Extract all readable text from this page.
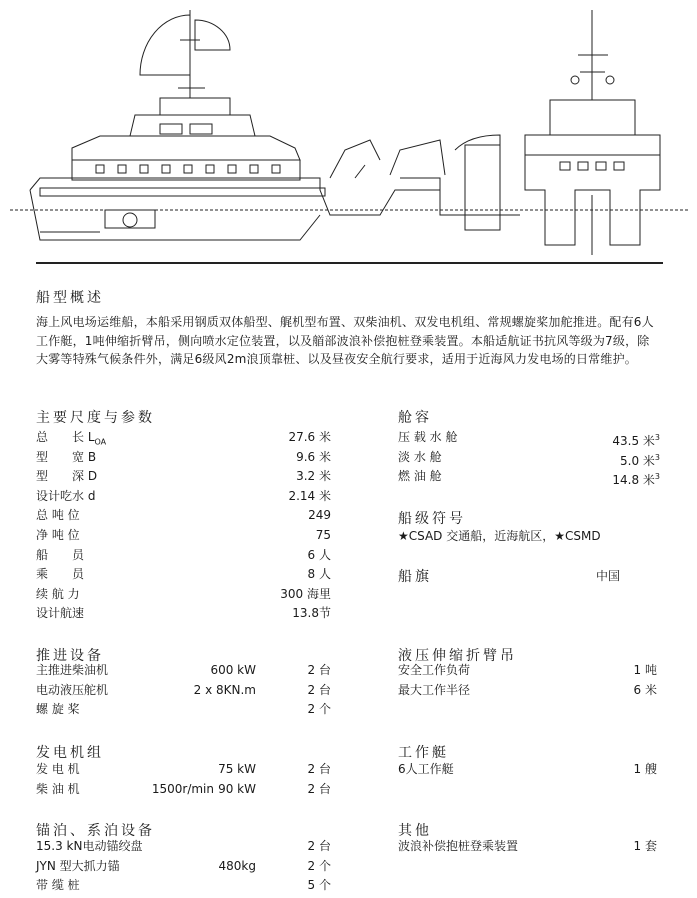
船型概述
海上风电场运维船，本船采用钢质双体船型、艉机型布置、双柴油机、双发电机组、常规螺旋桨加舵推进。配有6人工作艇，1吨伸缩折臂吊，侧向喷水定位装置，以及艏部波浪补偿抱桩登乘装置。本船适航证书抗风等级为7级，除大雾等特殊气候条件外，满足6级风2m浪顶靠桩、以及昼夜安全航行要求，适用于近海风力发电场的日常维护。
主要尺度与参数
总　　长 $L_{OA}$	27.6 米
型　　宽 B	9.6 米
型　　深 D	3.2 米
设计吃水 d	2.14 米
总 吨 位	249
净 吨 位	75
船　　员	6 人
乘　　员	8 人
续 航 力	300 海里
设计航速	13.8节
舱容
压 载 水 舱	43.5 米$^3$
淡 水 舱	5.0 米$^3$
燃 油 舱	14.8 米$^3$
船级符号
★CSAD 交通船，近海航区，★CSMD
船旗	中国
推进设备
主推进柴油机	600 kW	2 台
电动液压舵机	2 x 8KN.m	2 台
螺 旋 桨	2 个
液压伸缩折臂吊
安全工作负荷	1 吨
最大工作半径	6 米
发电机组
发 电 机	75 kW	2 台
柴 油 机	1500r/min 90 kW	2 台
工作艇
6人工作艇	1 艘
锚泊、系泊设备
15.3 kN电动锚绞盘	2 台
JYN 型大抓力锚	480kg	2 个
带 缆 桩	5 个
其他
波浪补偿抱桩登乘装置	1 套
